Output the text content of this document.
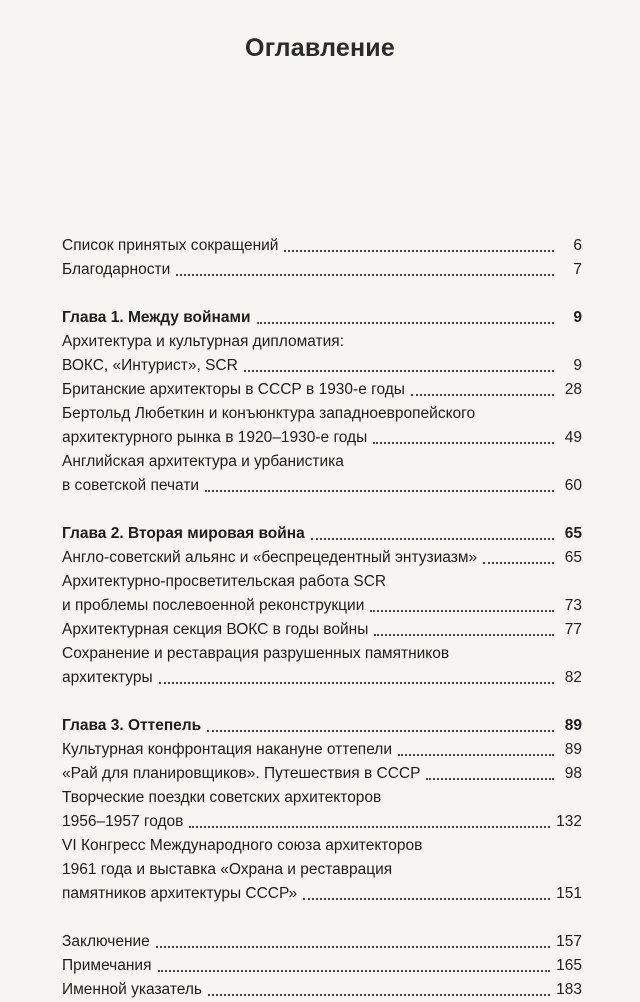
Оглавление
Список принятых сокращений	6
Благодарности	7
Глава 1. Между войнами	9
Архитектура и культурная дипломатия:
ВОКС, «Интурист», SCR	9
Британские архитекторы в СССР в 1930-е годы	28
Бертольд Любеткин и конъюнктура западноевропейского
архитектурного рынка в 1920–1930-е годы	49
Английская архитектура и урбанистика
в советской печати	60
Глава 2. Вторая мировая война	65
Англо-советский альянс и «беспрецедентный энтузиазм»	65
Архитектурно-просветительская работа SCR
и проблемы послевоенной реконструкции	73
Архитектурная секция ВОКС в годы войны	77
Сохранение и реставрация разрушенных памятников
архитектуры	82
Глава 3. Оттепель	89
Культурная конфронтация накануне оттепели	89
«Рай для планировщиков». Путешествия в СССР	98
Творческие поездки советских архитекторов
1956–1957 годов	132
VI Конгресс Международного союза архитекторов
1961 года и выставка «Охрана и реставрация
памятников архитектуры СССР»	151
Заключение	157
Примечания	165
Именной указатель	183
